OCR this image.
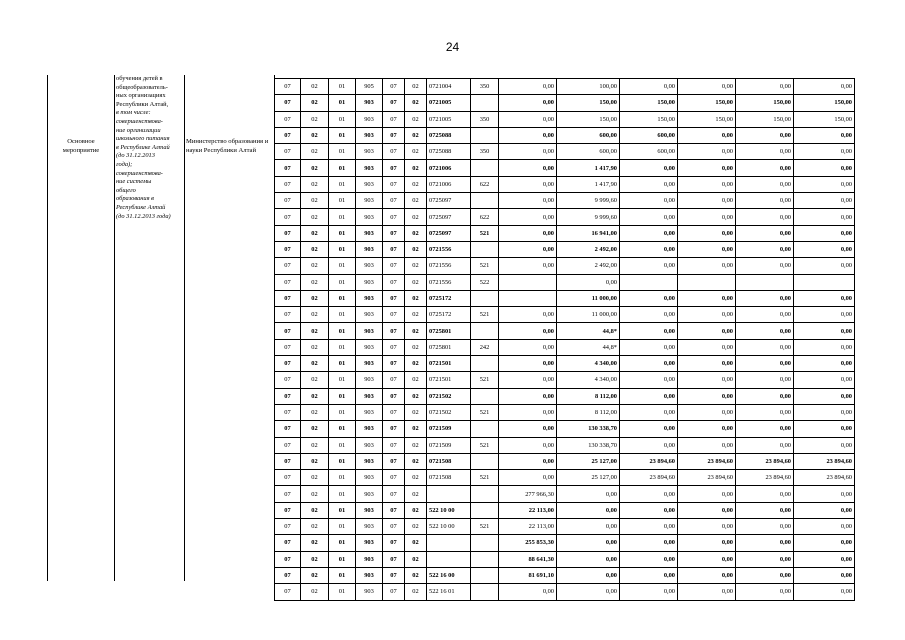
24
Основное мероприятие
обучения детей в
общеобразователь-
ных организациях
Республики Алтай,
в том числе:
совершенствова-
ние организации
школьного питания
в Республике Алтай
(до 31.12.2013
года);
совершенствова-
ние системы
общего
образования в
Республике Алтай
(до 31.12.2013 года)

Министерство образования и науки Республики Алтай
07	02	01	905	07	02	0721004	350	0,00	100,00	0,00	0,00	0,00	0,00
07	02	01	903	07	02	0721005		0,00	150,00	150,00	150,00	150,00	150,00
07	02	01	903	07	02	0721005	350	0,00	150,00	150,00	150,00	150,00	150,00
07	02	01	903	07	02	0725088		0,00	600,00	600,00	0,00	0,00	0,00
07	02	01	903	07	02	0725088	350	0,00	600,00	600,00	0,00	0,00	0,00
07	02	01	903	07	02	0721006		0,00	1 417,90	0,00	0,00	0,00	0,00
07	02	01	903	07	02	0721006	622	0,00	1 417,90	0,00	0,00	0,00	0,00
07	02	01	903	07	02	0725097		0,00	9 999,60	0,00	0,00	0,00	0,00
07	02	01	903	07	02	0725097	622	0,00	9 999,60	0,00	0,00	0,00	0,00
07	02	01	903	07	02	0725097	521	0,00	16 941,00	0,00	0,00	0,00	0,00
07	02	01	903	07	02	0721556		0,00	2 492,00	0,00	0,00	0,00	0,00
07	02	01	903	07	02	0721556	521	0,00	2 492,00	0,00	0,00	0,00	0,00
07	02	01	903	07	02	0721556	522		0,00				
07	02	01	903	07	02	0725172			11 000,00	0,00	0,00	0,00	0,00
07	02	01	903	07	02	0725172	521	0,00	11 000,00	0,00	0,00	0,00	0,00
07	02	01	903	07	02	0725801		0,00	44,8*	0,00	0,00	0,00	0,00
07	02	01	903	07	02	0725801	242	0,00	44,8*	0,00	0,00	0,00	0,00
07	02	01	903	07	02	0721501		0,00	4 340,00	0,00	0,00	0,00	0,00
07	02	01	903	07	02	0721501	521	0,00	4 340,00	0,00	0,00	0,00	0,00
07	02	01	903	07	02	0721502		0,00	8 112,00	0,00	0,00	0,00	0,00
07	02	01	903	07	02	0721502	521	0,00	8 112,00	0,00	0,00	0,00	0,00
07	02	01	903	07	02	0721509		0,00	130 338,70	0,00	0,00	0,00	0,00
07	02	01	903	07	02	0721509	521	0,00	130 338,70	0,00	0,00	0,00	0,00
07	02	01	903	07	02	0721508		0,00	25 127,00	23 894,60	23 894,60	23 894,60	23 894,60
07	02	01	903	07	02	0721508	521	0,00	25 127,00	23 894,60	23 894,60	23 894,60	23 894,60
07	02	01	903	07	02			277 966,30	0,00	0,00	0,00	0,00	0,00
07	02	01	903	07	02	522 10 00		22 113,00	0,00	0,00	0,00	0,00	0,00
07	02	01	903	07	02	522 10 00	521	22 113,00	0,00	0,00	0,00	0,00	0,00
07	02	01	903	07	02			255 853,30	0,00	0,00	0,00	0,00	0,00
07	02	01	903	07	02			88 641,30	0,00	0,00	0,00	0,00	0,00
07	02	01	903	07	02	522 16 00		81 691,10	0,00	0,00	0,00	0,00	0,00
07	02	01	903	07	02	522 16 01		0,00	0,00	0,00	0,00	0,00	0,00
